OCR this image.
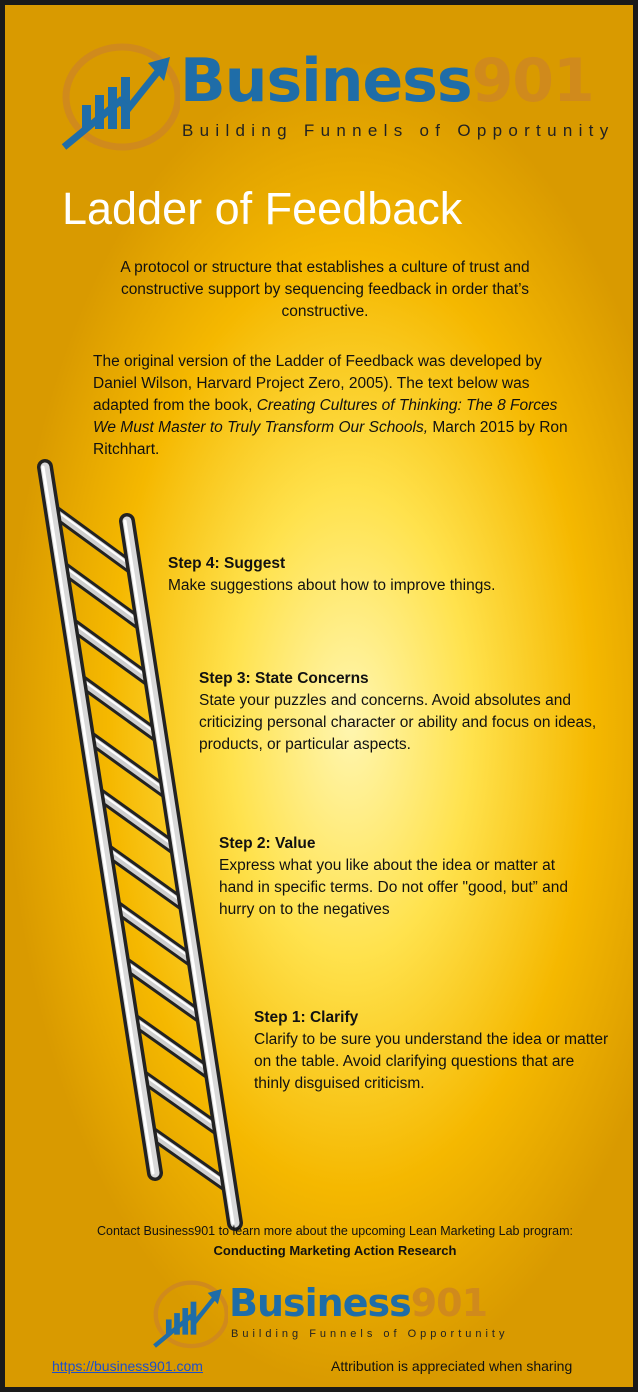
Business901
Building Funnels of Opportunity
Ladder of Feedback
A protocol or structure that establishes a culture of trust and constructive support by sequencing feedback in order that’s constructive.
The original version of the Ladder of Feedback was developed by Daniel Wilson, Harvard Project Zero, 2005). The text below was adapted from the book, Creating Cultures of Thinking: The 8 Forces We Must Master to Truly Transform Our Schools, March 2015 by Ron Ritchhart.
Step 4: Suggest
Make suggestions about how to improve things.
Step 3: State Concerns
State your puzzles and concerns. Avoid absolutes and criticizing personal character or ability and focus on ideas, products, or particular aspects.
Step 2: Value
Express what you like about the idea or matter at hand in specific terms. Do not offer "good, but” and hurry on to the negatives
Step 1: Clarify
Clarify to be sure you understand the idea or matter on the table. Avoid clarifying questions that are thinly disguised criticism.
Contact Business901 to learn more about the upcoming Lean Marketing Lab program:
Conducting Marketing Action Research
Business901
Building Funnels of Opportunity
https://business901.com	Attribution is appreciated when sharing
